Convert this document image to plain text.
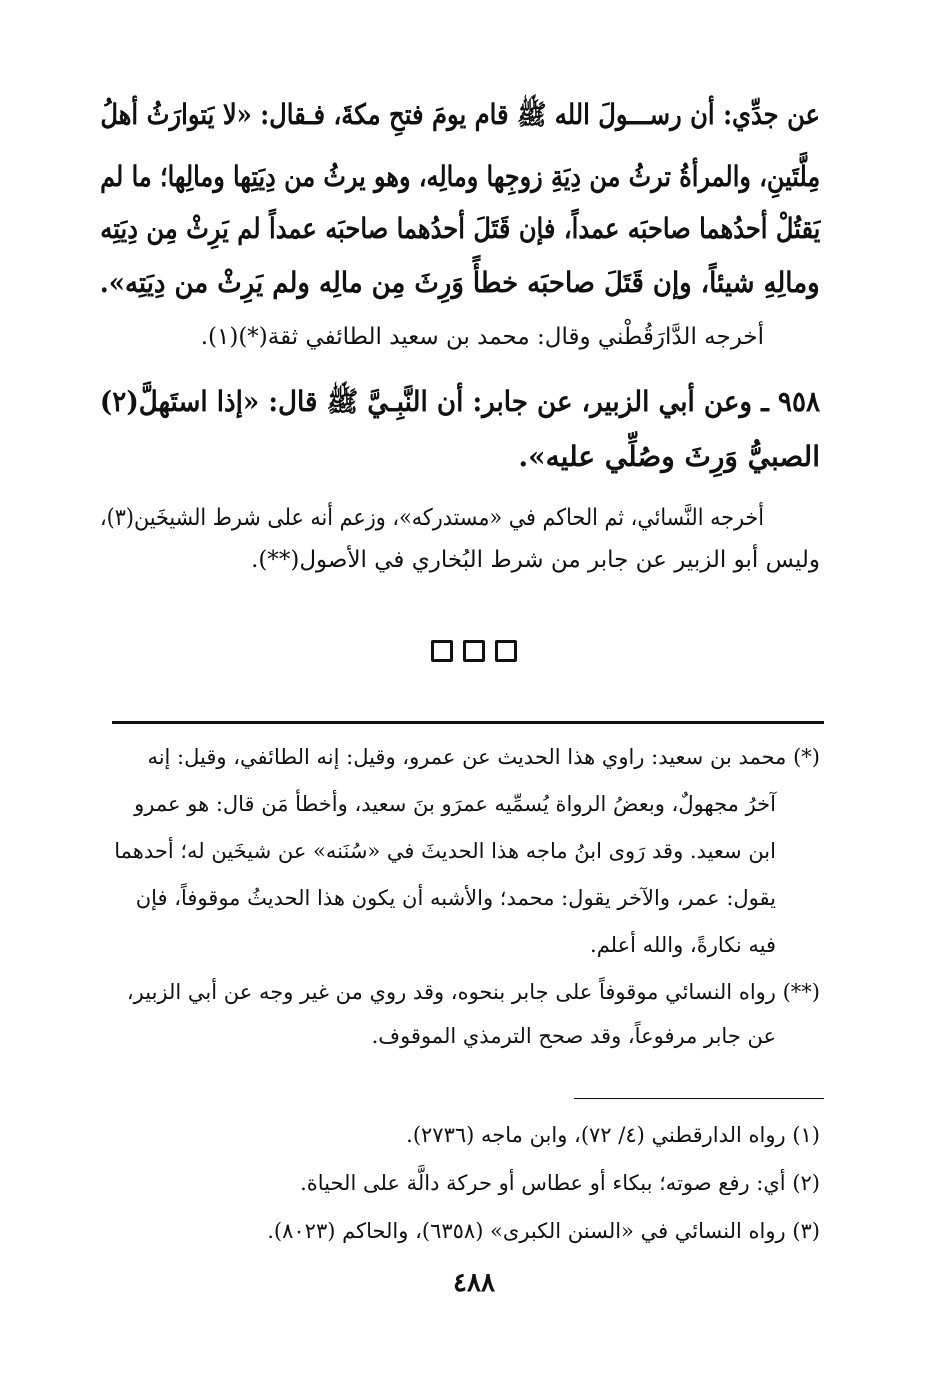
عن جدِّي: أن رســـولَ الله ﷺ قام يومَ فتحِ مكةَ، فـقال: «لا يَتوارَثُ أهلُ
مِلَّتَينِ، والمرأةُ ترثُ من دِيَةِ زوجِها ومالِه، وهو يرثُ من دِيَتِها ومالِها؛ ما لم
يَقتُلْ أحدُهما صاحبَه عمداً، فإن قَتَلَ أحدُهما صاحبَه عمداً لم يَرِثْ مِن دِيَتِه
ومالِهِ شيئاً، وإن قَتَلَ صاحبَه خطأً وَرِثَ مِن مالِه ولم يَرِثْ من دِيَتِه».
أخرجه الدَّارَقُطْني وقال: محمد بن سعيد الطائفي ثقة(*)(١).
٩٥٨ ـ وعن أبي الزبير، عن جابر: أن النَّبِـيَّ ﷺ قال: «إذا استَهلَّ(٢)
الصبيُّ وَرِثَ وصُلِّي عليه».
أخرجه النَّسائي، ثم الحاكم في «مستدركه»، وزعم أنه على شرط الشيخَين(٣)،
وليس أبو الزبير عن جابر من شرط البُخاري في الأصول(**).
(*) محمد بن سعيد: راوي هذا الحديث عن عمرو، وقيل: إنه الطائفي، وقيل: إنه
آخرُ مجهولٌ، وبعضُ الرواة يُسمِّيه عمرَو بنَ سعيد، وأخطأ مَن قال: هو عمرو
ابن سعيد. وقد رَوى ابنُ ماجه هذا الحديثَ في «سُنَنه» عن شيخَين له؛ أحدهما
يقول: عمر، والآخر يقول: محمد؛ والأشبه أن يكون هذا الحديثُ موقوفاً، فإن
فيه نكارةً، والله أعلم.
(**) رواه النسائي موقوفاً على جابر بنحوه، وقد روي من غير وجه عن أبي الزبير،
عن جابر مرفوعاً، وقد صحح الترمذي الموقوف.
(١) رواه الدارقطني (٤/ ٧٢)، وابن ماجه (٢٧٣٦).
(٢) أي: رفع صوته؛ ببكاء أو عطاس أو حركة دالَّة على الحياة.
(٣) رواه النسائي في «السنن الكبرى» (٦٣٥٨)، والحاكم (٨٠٢٣).
٤٨٨
